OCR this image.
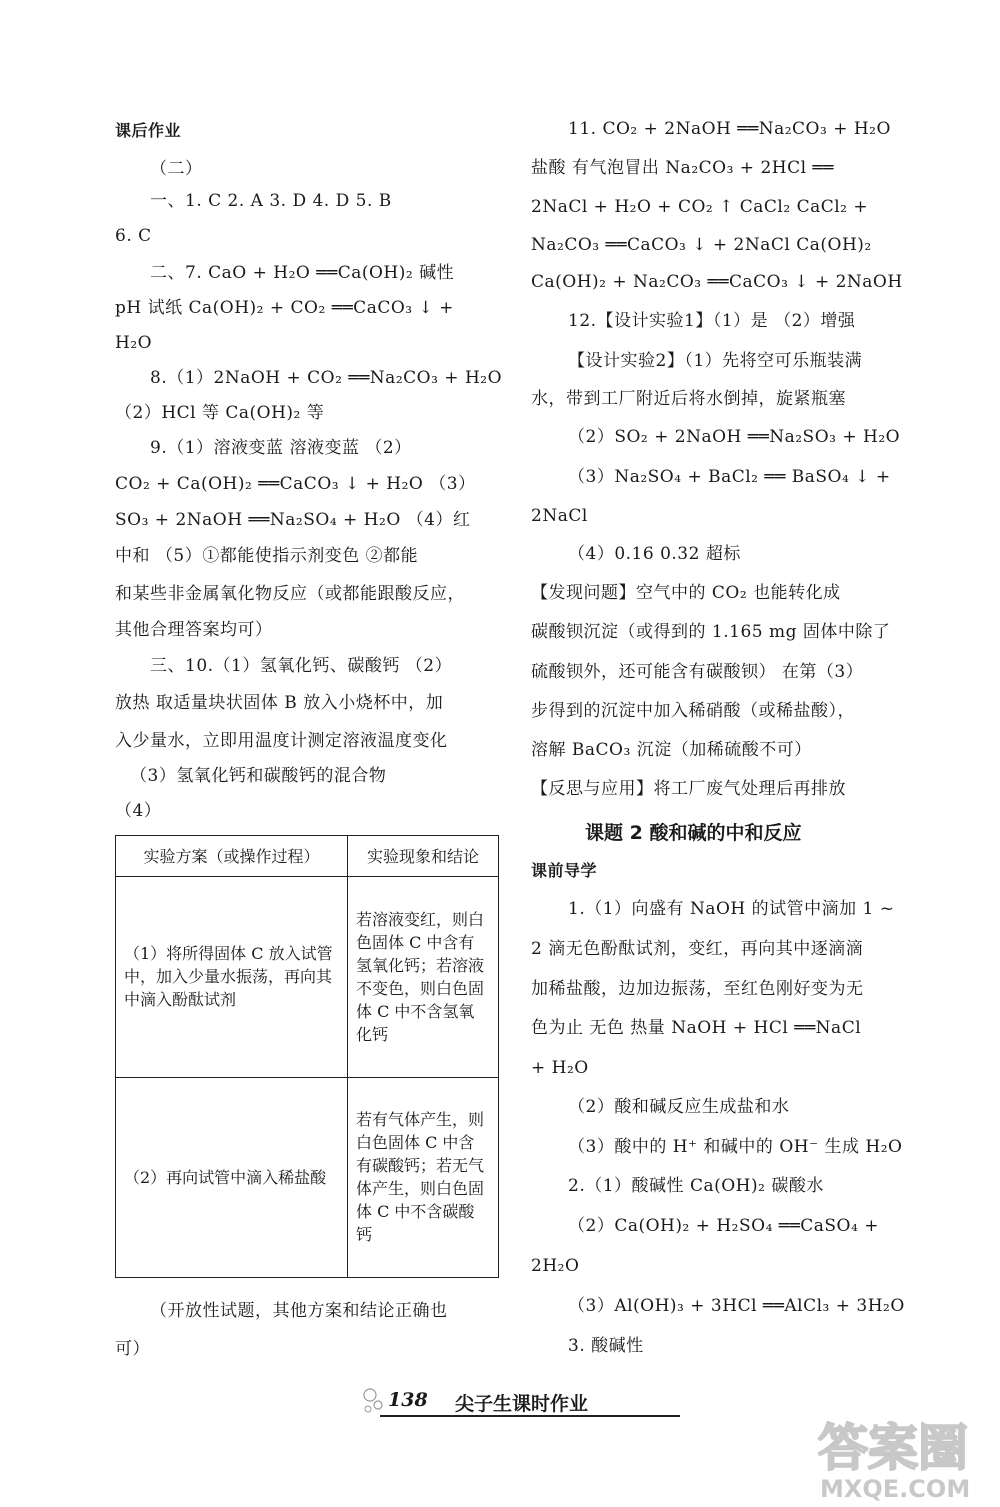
课后作业
（二）
一、1. C 2. A 3. D 4. D 5. B
6. C
二、7. CaO + H₂O ══Ca(OH)₂ 碱性
pH 试纸 Ca(OH)₂ + CO₂ ══CaCO₃ ↓ +
H₂O
8.（1）2NaOH + CO₂ ══Na₂CO₃ + H₂O
（2）HCl 等 Ca(OH)₂ 等
9.（1）溶液变蓝 溶液变蓝 （2）
CO₂ + Ca(OH)₂ ══CaCO₃ ↓ + H₂O （3）
SO₃ + 2NaOH ══Na₂SO₄ + H₂O （4）红
中和 （5）①都能使指示剂变色 ②都能
和某些非金属氧化物反应（或都能跟酸反应，
其他合理答案均可）
三、10.（1）氢氧化钙、碳酸钙 （2）
放热 取适量块状固体 B 放入小烧杯中，加
入少量水，立即用温度计测定溶液温度变化
（3）氢氧化钙和碳酸钙的混合物
（4）
实验方案（或操作过程）	实验现象和结论
（1）将所得固体 C 放入试管中，加入少量水振荡，再向其中滴入酚酞试剂	若溶液变红，则白色固体 C 中含有氢氧化钙；若溶液不变色，则白色固体 C 中不含氢氧化钙
（2）再向试管中滴入稀盐酸	若有气体产生，则白色固体 C 中含有碳酸钙；若无气体产生，则白色固体 C 中不含碳酸钙
（开放性试题，其他方案和结论正确也
可）
11. CO₂ + 2NaOH ══Na₂CO₃ + H₂O
盐酸 有气泡冒出 Na₂CO₃ + 2HCl ══
2NaCl + H₂O + CO₂ ↑ CaCl₂ CaCl₂ +
Na₂CO₃ ══CaCO₃ ↓ + 2NaCl Ca(OH)₂
Ca(OH)₂ + Na₂CO₃ ══CaCO₃ ↓ + 2NaOH
12.【设计实验1】（1）是 （2）增强
【设计实验2】（1）先将空可乐瓶装满
水，带到工厂附近后将水倒掉，旋紧瓶塞
（2）SO₂ + 2NaOH ══Na₂SO₃ + H₂O
（3）Na₂SO₄ + BaCl₂ ══ BaSO₄ ↓ +
2NaCl
（4）0.16 0.32 超标
【发现问题】空气中的 CO₂ 也能转化成
碳酸钡沉淀（或得到的 1.165 mg 固体中除了
硫酸钡外，还可能含有碳酸钡） 在第（3）
步得到的沉淀中加入稀硝酸（或稀盐酸），
溶解 BaCO₃ 沉淀（加稀硫酸不可）
【反思与应用】将工厂废气处理后再排放
课题 2 酸和碱的中和反应
课前导学
1.（1）向盛有 NaOH 的试管中滴加 1 ~
2 滴无色酚酞试剂，变红，再向其中逐滴滴
加稀盐酸，边加边振荡，至红色刚好变为无
色为止 无色 热量 NaOH + HCl ══NaCl
+ H₂O
（2）酸和碱反应生成盐和水
（3）酸中的 H⁺ 和碱中的 OH⁻ 生成 H₂O
2.（1）酸碱性 Ca(OH)₂ 碳酸水
（2）Ca(OH)₂ + H₂SO₄ ══CaSO₄ +
2H₂O
（3）Al(OH)₃ + 3HCl ══AlCl₃ + 3H₂O
3. 酸碱性
138 尖子生课时作业
答案圈
MXQE.COM
